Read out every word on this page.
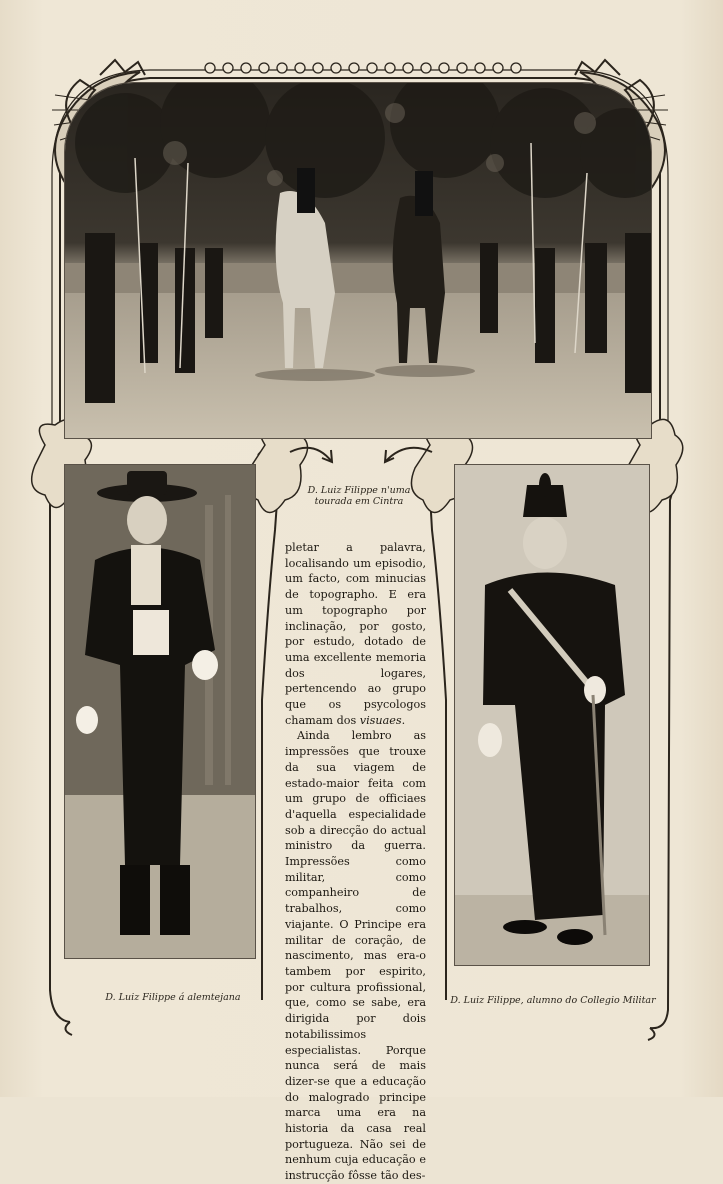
D. Luiz Filippe n'uma tourada em Cintra
D. Luiz Filippe á alemtejana	D. Luiz Filippe, alumno do Collegio Militar

pletar a palavra, localisando um episodio, um facto, com minucias de topographo. E era um topographo por inclinação, por gosto, por estudo, dotado de uma excellente memoria dos logares, pertencendo ao grupo que os psycologos chamam dos visuaes.

Ainda lembro as impressões que trouxe da sua viagem de estado-maior feita com um grupo de officiaes d'aquella especialidade sob a direcção do actual ministro da guerra. Impressões como militar, como companheiro de trabalhos, como viajante. O Principe era militar de coração, de nascimento, mas era-o tambem por espirito, por cultura profissional, que, como se sabe, era dirigida por dois notabilissimos especialistas. Porque nunca será de mais dizer-se que a educação do malogrado principe marca uma era na historia da casa real portugueza. Não sei de nenhum cuja educação e instrucção fôsse tão des-
